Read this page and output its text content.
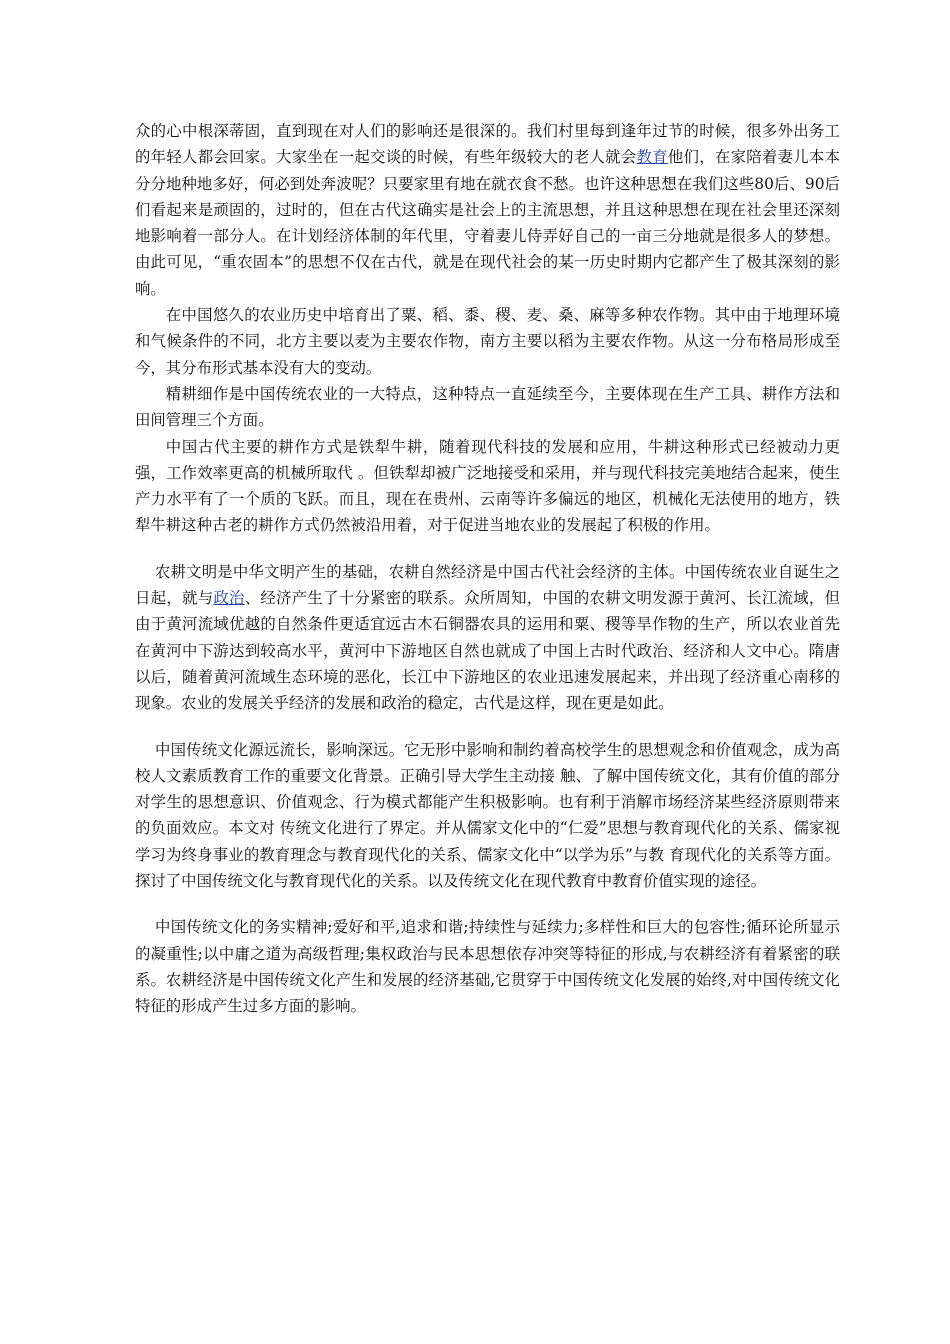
众的心中根深蒂固，直到现在对人们的影响还是很深的。我们村里每到逢年过节的时候，很多外出务工的年轻人都会回家。大家坐在一起交谈的时候，有些年级较大的老人就会教育他们，在家陪着妻儿本本分分地种地多好，何必到处奔波呢？只要家里有地在就衣食不愁。也许这种思想在我们这些80后、90后们看起来是顽固的，过时的，但在古代这确实是社会上的主流思想，并且这种思想在现在社会里还深刻地影响着一部分人。在计划经济体制的年代里，守着妻儿侍弄好自己的一亩三分地就是很多人的梦想。由此可见，“重农固本”的思想不仅在古代，就是在现代社会的某一历史时期内它都产生了极其深刻的影响。

在中国悠久的农业历史中培育出了粟、稻、黍、稷、麦、桑、麻等多种农作物。其中由于地理环境和气候条件的不同，北方主要以麦为主要农作物，南方主要以稻为主要农作物。从这一分布格局形成至今，其分布形式基本没有大的变动。

精耕细作是中国传统农业的一大特点，这种特点一直延续至今，主要体现在生产工具、耕作方法和田间管理三个方面。

中国古代主要的耕作方式是铁犁牛耕，随着现代科技的发展和应用，牛耕这种形式已经被动力更强，工作效率更高的机械所取代 。但铁犁却被广泛地接受和采用，并与现代科技完美地结合起来，使生产力水平有了一个质的飞跃。而且，现在在贵州、云南等许多偏远的地区，机械化无法使用的地方，铁犁牛耕这种古老的耕作方式仍然被沿用着，对于促进当地农业的发展起了积极的作用。

农耕文明是中华文明产生的基础，农耕自然经济是中国古代社会经济的主体。中国传统农业自诞生之日起，就与政治、经济产生了十分紧密的联系。众所周知，中国的农耕文明发源于黄河、长江流域，但由于黄河流域优越的自然条件更适宜远古木石铜器农具的运用和粟、稷等旱作物的生产，所以农业首先在黄河中下游达到较高水平，黄河中下游地区自然也就成了中国上古时代政治、经济和人文中心。隋唐以后，随着黄河流域生态环境的恶化，长江中下游地区的农业迅速发展起来，并出现了经济重心南移的现象。农业的发展关乎经济的发展和政治的稳定，古代是这样，现在更是如此。

中国传统文化源远流长，影响深远。它无形中影响和制约着高校学生的思想观念和价值观念，成为高校人文素质教育工作的重要文化背景。正确引导大学生主动接 触、了解中国传统文化，其有价值的部分对学生的思想意识、价值观念、行为模式都能产生积极影响。也有利于消解市场经济某些经济原则带来的负面效应。本文对 传统文化进行了界定。并从儒家文化中的“仁爱”思想与教育现代化的关系、儒家视学习为终身事业的教育理念与教育现代化的关系、儒家文化中“以学为乐”与教 育现代化的关系等方面。探讨了中国传统文化与教育现代化的关系。以及传统文化在现代教育中教育价值实现的途径。

中国传统文化的务实精神;爱好和平,追求和谐;持续性与延续力;多样性和巨大的包容性;循环论所显示的凝重性;以中庸之道为高级哲理;集权政治与民本思想依存冲突等特征的形成,与农耕经济有着紧密的联系。农耕经济是中国传统文化产生和发展的经济基础,它贯穿于中国传统文化发展的始终,对中国传统文化特征的形成产生过多方面的影响。
